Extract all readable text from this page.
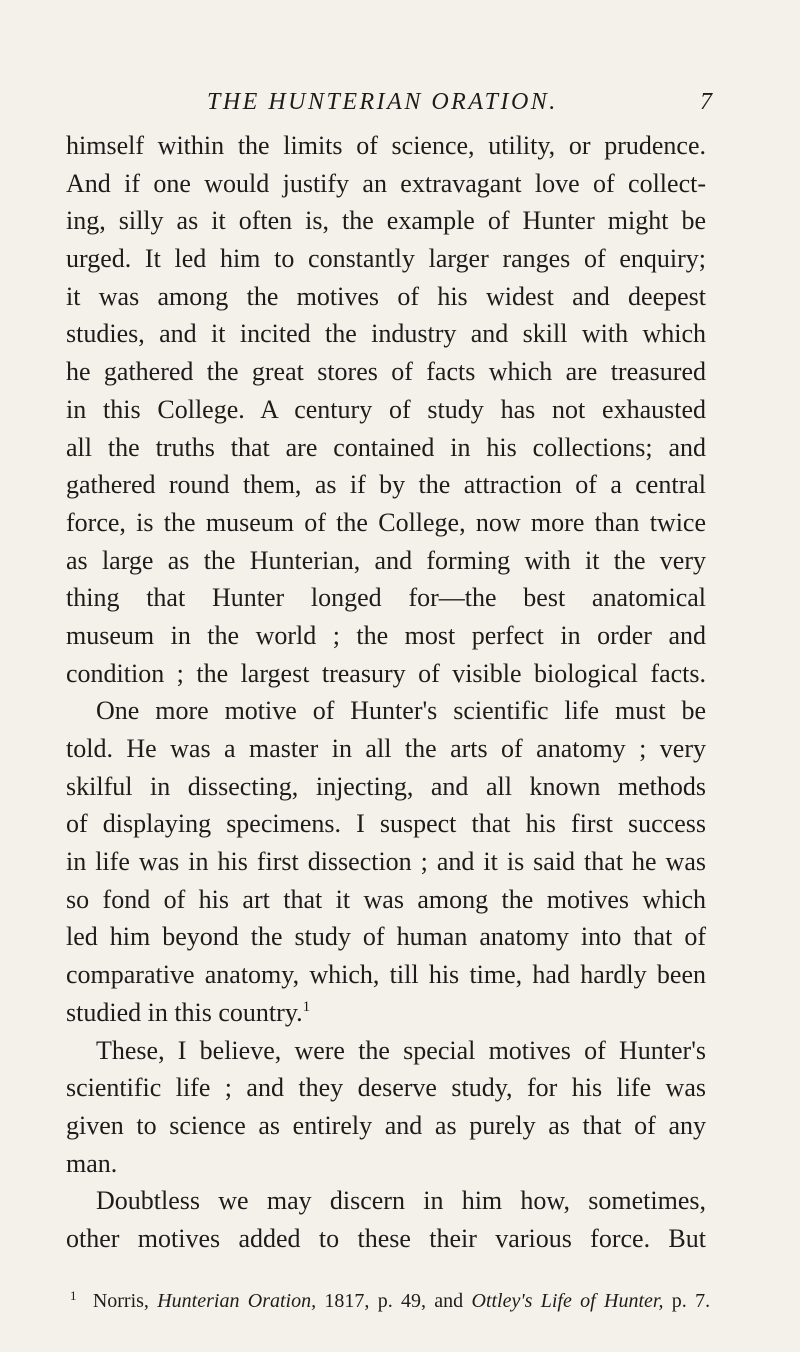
THE HUNTERIAN ORATION.	7
himself within the limits of science, utility, or prudence.
And if one would justify an extravagant love of collect-
ing, silly as it often is, the example of Hunter might be
urged. It led him to constantly larger ranges of enquiry;
it was among the motives of his widest and deepest
studies, and it incited the industry and skill with which
he gathered the great stores of facts which are treasured
in this College. A century of study has not exhausted
all the truths that are contained in his collections; and
gathered round them, as if by the attraction of a central
force, is the museum of the College, now more than twice
as large as the Hunterian, and forming with it the very
thing that Hunter longed for—the best anatomical
museum in the world ; the most perfect in order and
condition ; the largest treasury of visible biological facts.
One more motive of Hunter's scientific life must be
told. He was a master in all the arts of anatomy ; very
skilful in dissecting, injecting, and all known methods
of displaying specimens. I suspect that his first success
in life was in his first dissection ; and it is said that he was
so fond of his art that it was among the motives which
led him beyond the study of human anatomy into that of
comparative anatomy, which, till his time, had hardly been
studied in this country.$^1$
These, I believe, were the special motives of Hunter's
scientific life ; and they deserve study, for his life was
given to science as entirely and as purely as that of any
man.
Doubtless we may discern in him how, sometimes,
other motives added to these their various force. But
$^1$ Norris, Hunterian Oration, 1817, p. 49, and Ottley's Life of Hunter, p. 7.
